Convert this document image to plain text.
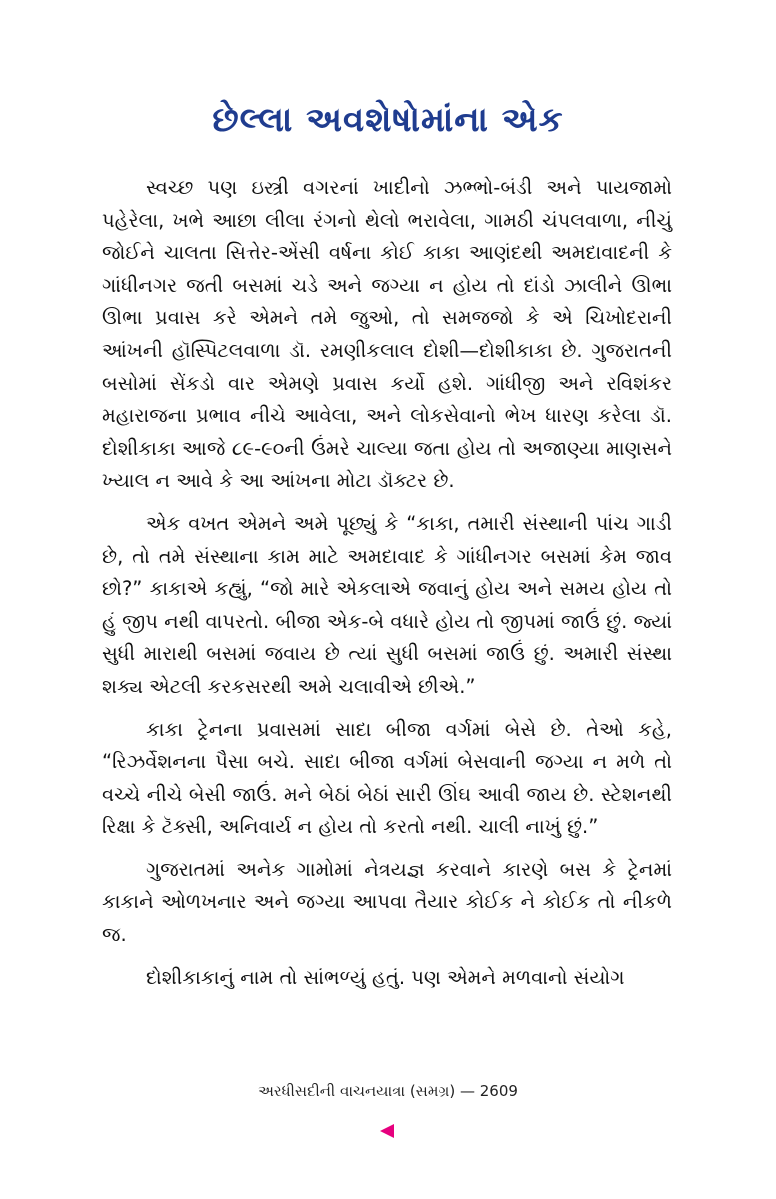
છેલ્લા અવશેષોમાંના એક

સ્વચ્છ પણ ઇસ્ત્રી વગરનાં ખાદીનો ઝભ્ભો-બંડી અને પાયજામો પહેરેલા, ખભે આછા લીલા રંગનો થેલો ભરાવેલા, ગામઠી ચંપલવાળા, નીચું જોઈને ચાલતા સિત્તેર-એંસી વર્ષના કોઈ કાકા આણંદથી અમદાવાદની કે ગાંધીનગર જતી બસમાં ચડે અને જગ્યા ન હોય તો દાંડો ઝાલીને ઊભા ઊભા પ્રવાસ કરે એમને તમે જુઓ, તો સમજજો કે એ ચિખોદરાની આંખની હૉસ્પિટલવાળા ડૉ. રમણીકલાલ દોશી—દોશીકાકા છે. ગુજરાતની બસોમાં સેંકડો વાર એમણે પ્રવાસ કર્યો હશે. ગાંધીજી અને રવિશંકર મહારાજના પ્રભાવ નીચે આવેલા, અને લોકસેવાનો ભેખ ધારણ કરેલા ડૉ. દોશીકાકા આજે ૮૯-૯૦ની ઉંમરે ચાલ્યા જતા હોય તો અજાણ્યા માણસને ખ્યાલ ન આવે કે આ આંખના મોટા ડૉક્ટર છે.

એક વખત એમને અમે પૂછ્યું કે “કાકા, તમારી સંસ્થાની પાંચ ગાડી છે, તો તમે સંસ્થાના કામ માટે અમદાવાદ કે ગાંધીનગર બસમાં કેમ જાવ છો?” કાકાએ કહ્યું, “જો મારે એકલાએ જવાનું હોય અને સમય હોય તો હું જીપ નથી વાપરતો. બીજા એક-બે વધારે હોય તો જીપમાં જાઉં છું. જ્યાં સુધી મારાથી બસમાં જવાય છે ત્યાં સુધી બસમાં જાઉં છું. અમારી સંસ્થા શક્ય એટલી કરકસરથી અમે ચલાવીએ છીએ.”

કાકા ટ્રેનના પ્રવાસમાં સાદા બીજા વર્ગમાં બેસે છે. તેઓ કહે, “રિઝર્વેશનના પૈસા બચે. સાદા બીજા વર્ગમાં બેસવાની જગ્યા ન મળે તો વચ્ચે નીચે બેસી જાઉં. મને બેઠાં બેઠાં સારી ઊંઘ આવી જાય છે. સ્ટેશનથી રિક્ષા કે ટૅક્સી, અનિવાર્ય ન હોય તો કરતો નથી. ચાલી નાખું છું.”

ગુજરાતમાં અનેક ગામોમાં નેત્રયજ્ઞ કરવાને કારણે બસ કે ટ્રેનમાં કાકાને ઓળખનાર અને જગ્યા આપવા તૈયાર કોઈક ને કોઈક તો નીકળે જ.

દોશીકાકાનું નામ તો સાંભળ્યું હતું. પણ એમને મળવાનો સંયોગ

અરધીસદીની વાચનયાત્રા (સમગ્ર) — 2609
